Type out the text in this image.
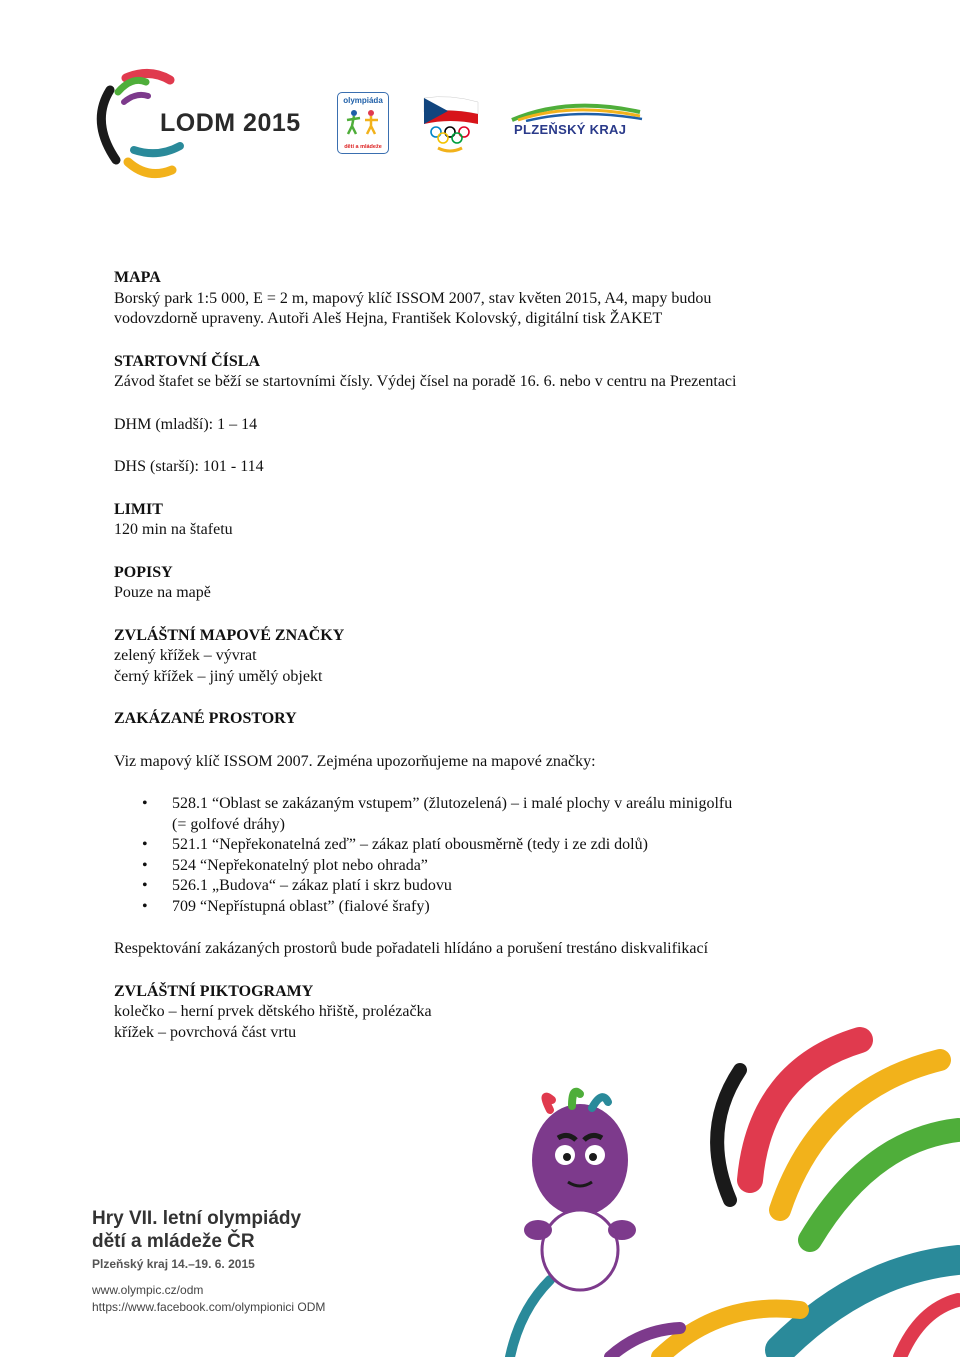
LODM 2015
olympiáda
dětí a mládeže
PLZEŇSKÝ KRAJ

MAPA

Borský park 1:5 000, E = 2 m, mapový klíč ISSOM 2007, stav květen 2015, A4, mapy budou

vodovzdorně upraveny. Autoři Aleš Hejna, František Kolovský, digitální tisk ŽAKET

STARTOVNÍ ČÍSLA

Závod štafet se běží se startovními čísly. Výdej čísel na poradě 16. 6. nebo v centru na Prezentaci

DHM (mladší): 1 – 14

DHS (starší): 101 - 114

LIMIT

120 min na štafetu

POPISY

Pouze na mapě

ZVLÁŠTNÍ MAPOVÉ ZNAČKY

zelený křížek – vývrat

černý křížek – jiný umělý objekt

ZAKÁZANÉ PROSTORY

Viz mapový klíč ISSOM 2007. Zejména upozorňujeme na mapové značky:

• 528.1 “Oblast se zakázaným vstupem” (žlutozelená) – i malé plochy v areálu minigolfu
(= golfové dráhy)
• 521.1 “Nepřekonatelná zeď” – zákaz platí obousměrně (tedy i ze zdi dolů)
• 524 “Nepřekonatelný plot nebo ohrada”
• 526.1 „Budova“ – zákaz platí i skrz budovu
• 709 “Nepřístupná oblast” (fialové šrafy)

Respektování zakázaných prostorů bude pořadateli hlídáno a porušení trestáno diskvalifikací

ZVLÁŠTNÍ PIKTOGRAMY

kolečko – herní prvek dětského hřiště, prolézačka

křížek – povrchová část vrtu

Hry VII. letní olympiády
dětí a mládeže ČR
Plzeňský kraj 14.–19. 6. 2015
www.olympic.cz/odm
https://www.facebook.com/olympionici ODM
